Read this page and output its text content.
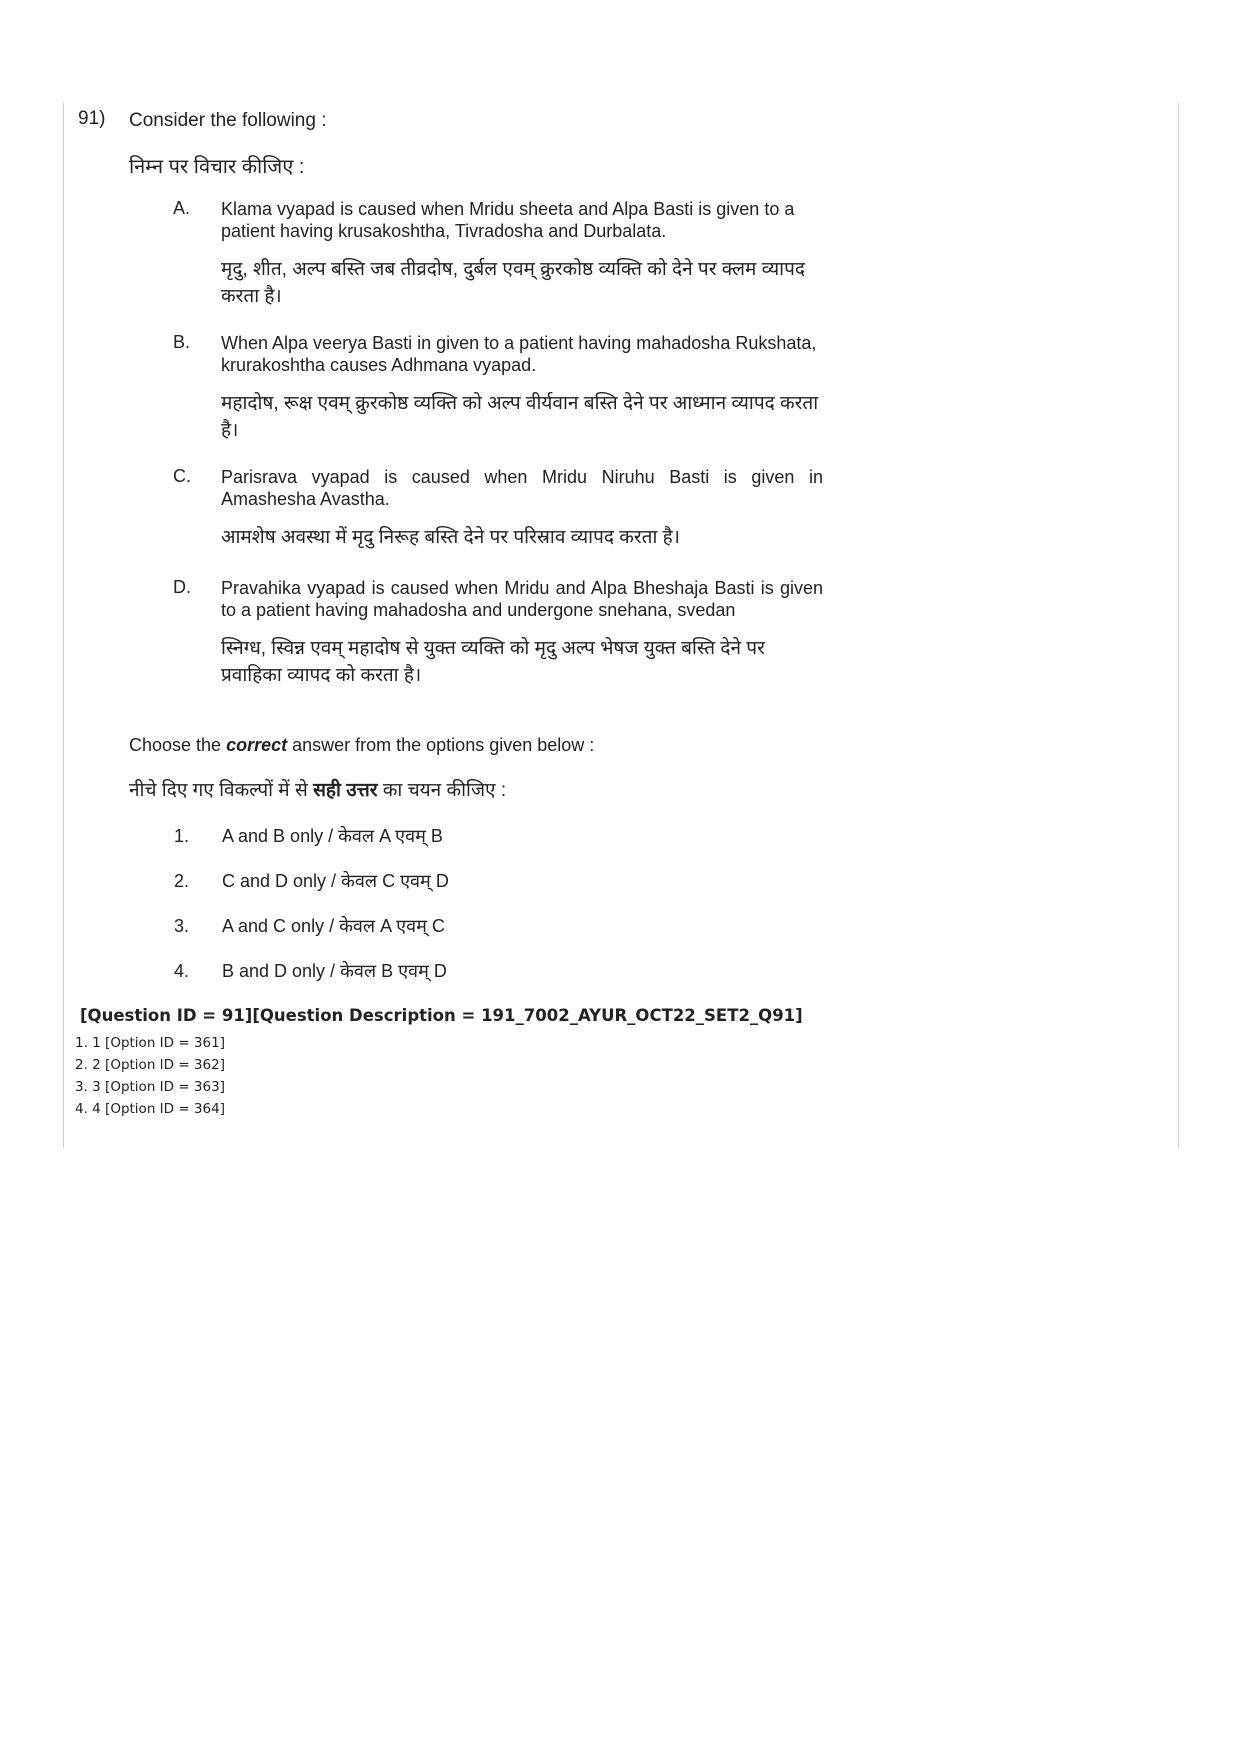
91) Consider the following :
निम्न पर विचार कीजिए :
A. Klama vyapad is caused when Mridu sheeta and Alpa Basti is given to a patient having krusakoshtha, Tivradosha and Durbalata.
मृदु, शीत, अल्प बस्ति जब तीव्रदोष, दुर्बल एवम् क्रुरकोष्ठ व्यक्ति को देने पर क्लम व्यापद करता है।
B. When Alpa veerya Basti in given to a patient having mahadosha Rukshata, krurakoshtha causes Adhmana vyapad.
महादोष, रूक्ष एवम् क्रुरकोष्ठ व्यक्ति को अल्प वीर्यवान बस्ति देने पर आध्मान व्यापद करता है।
C. Parisrava vyapad is caused when Mridu Niruhu Basti is given in Amashesha Avastha.
आमशेष अवस्था में मृदु निरूह बस्ति देने पर परिस्राव व्यापद करता है।
D. Pravahika vyapad is caused when Mridu and Alpa Bheshaja Basti is given to a patient having mahadosha and undergone snehana, svedan
स्निग्ध, स्विन्न एवम् महादोष से युक्त व्यक्ति को मृदु अल्प भेषज युक्त बस्ति देने पर प्रवाहिका व्यापद को करता है।
Choose the correct answer from the options given below :
नीचे दिए गए विकल्पों में से सही उत्तर का चयन कीजिए :
1. A and B only / केवल A एवम् B
2. C and D only / केवल C एवम् D
3. A and C only / केवल A एवम् C
4. B and D only / केवल B एवम् D
[Question ID = 91][Question Description = 191_7002_AYUR_OCT22_SET2_Q91]
1. 1 [Option ID = 361]
2. 2 [Option ID = 362]
3. 3 [Option ID = 363]
4. 4 [Option ID = 364]
